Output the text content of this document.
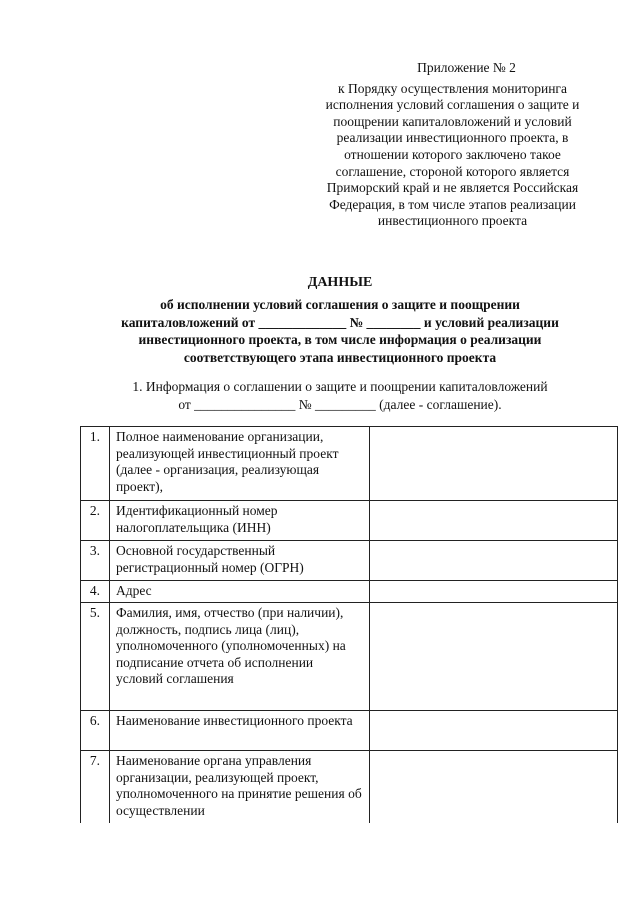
Приложение № 2
к Порядку осуществления мониторинга
исполнения условий соглашения о защите и
поощрении капиталовложений и условий
реализации инвестиционного проекта, в
отношении которого заключено такое
соглашение, стороной которого является
Приморский край и не является Российская
Федерация, в том числе этапов реализации
инвестиционного проекта
ДАННЫЕ
об исполнении условий соглашения о защите и поощрении
капиталовложений от _____________ № ________ и условий реализации
инвестиционного проекта, в том числе информация о реализации
соответствующего этапа инвестиционного проекта
1. Информация о соглашении о защите и поощрении капиталовложений
от _______________ № _________ (далее - соглашение).
1.	Полное наименование организации, реализующей инвестиционный проект (далее - организация, реализующая проект),	
2.	Идентификационный номер налогоплательщика (ИНН)	
3.	Основной государственный регистрационный номер (ОГРН)	
4.	Адрес	
5.	Фамилия, имя, отчество (при наличии), должность, подпись лица (лиц), уполномоченного (уполномоченных) на подписание отчета об исполнении условий соглашения	
6.	Наименование инвестиционного проекта	
7.	Наименование органа управления организации, реализующей проект, уполномоченного на принятие решения об осуществлении	
